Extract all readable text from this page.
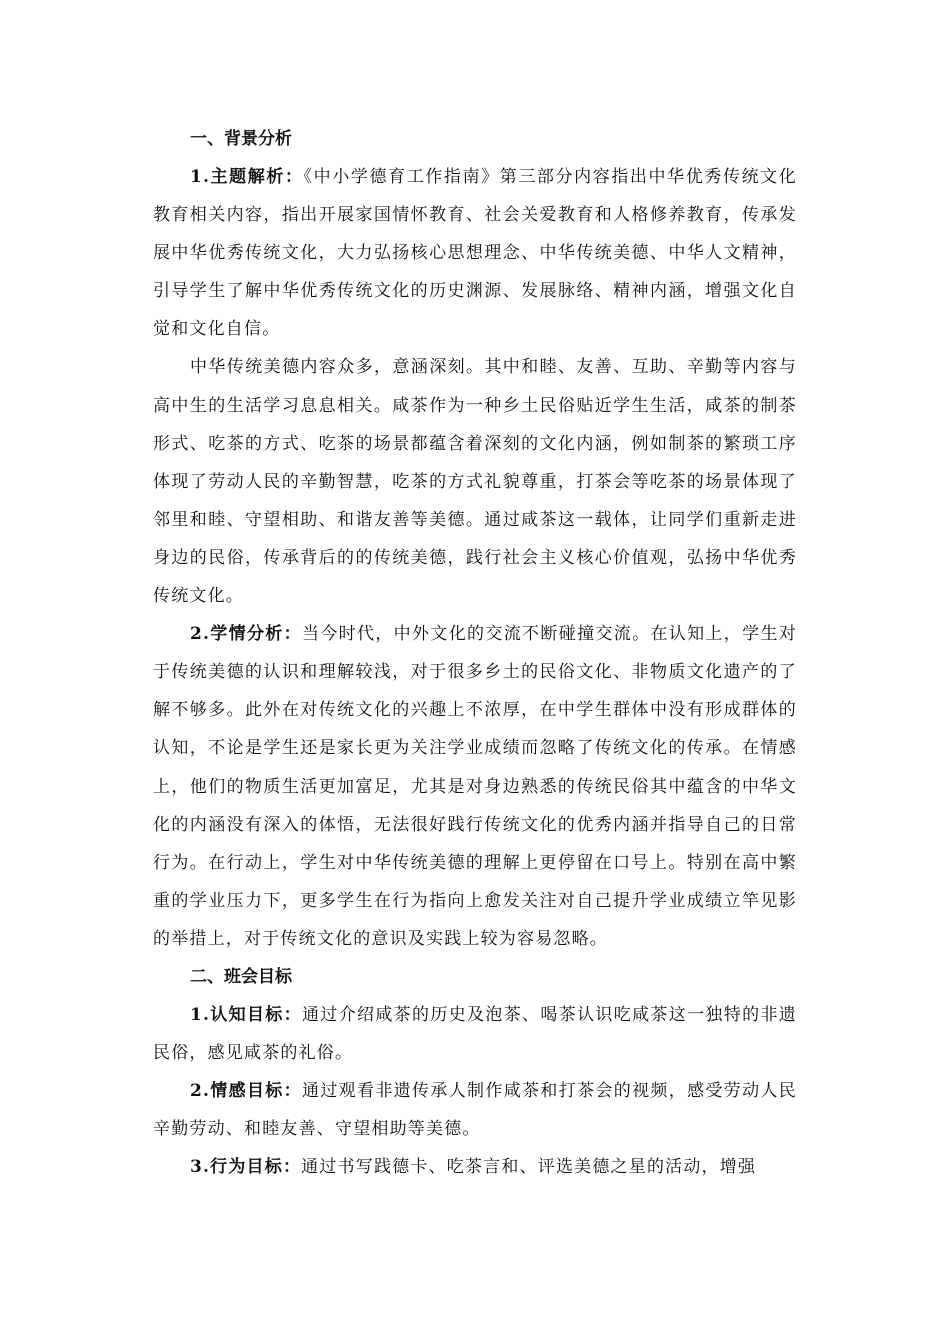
一、背景分析

1.主题解析：《中小学德育工作指南》第三部分内容指出中华优秀传统文化教育相关内容，指出开展家国情怀教育、社会关爱教育和人格修养教育，传承发展中华优秀传统文化，大力弘扬核心思想理念、中华传统美德、中华人文精神，引导学生了解中华优秀传统文化的历史渊源、发展脉络、精神内涵，增强文化自觉和文化自信。

中华传统美德内容众多，意涵深刻。其中和睦、友善、互助、辛勤等内容与高中生的生活学习息息相关。咸茶作为一种乡土民俗贴近学生生活，咸茶的制茶形式、吃茶的方式、吃茶的场景都蕴含着深刻的文化内涵，例如制茶的繁琐工序体现了劳动人民的辛勤智慧，吃茶的方式礼貌尊重，打茶会等吃茶的场景体现了邻里和睦、守望相助、和谐友善等美德。通过咸茶这一载体，让同学们重新走进身边的民俗，传承背后的的传统美德，践行社会主义核心价值观，弘扬中华优秀传统文化。

2.学情分析：当今时代，中外文化的交流不断碰撞交流。在认知上，学生对于传统美德的认识和理解较浅，对于很多乡土的民俗文化、非物质文化遗产的了解不够多。此外在对传统文化的兴趣上不浓厚，在中学生群体中没有形成群体的认知，不论是学生还是家长更为关注学业成绩而忽略了传统文化的传承。在情感上，他们的物质生活更加富足，尤其是对身边熟悉的传统民俗其中蕴含的中华文化的内涵没有深入的体悟，无法很好践行传统文化的优秀内涵并指导自己的日常行为。在行动上，学生对中华传统美德的理解上更停留在口号上。特别在高中繁重的学业压力下，更多学生在行为指向上愈发关注对自己提升学业成绩立竿见影的举措上，对于传统文化的意识及实践上较为容易忽略。

二、班会目标

1.认知目标：通过介绍咸茶的历史及泡茶、喝茶认识吃咸茶这一独特的非遗民俗，感见咸茶的礼俗。

2.情感目标：通过观看非遗传承人制作咸茶和打茶会的视频，感受劳动人民辛勤劳动、和睦友善、守望相助等美德。

3.行为目标：通过书写践德卡、吃茶言和、评选美德之星的活动，增强
